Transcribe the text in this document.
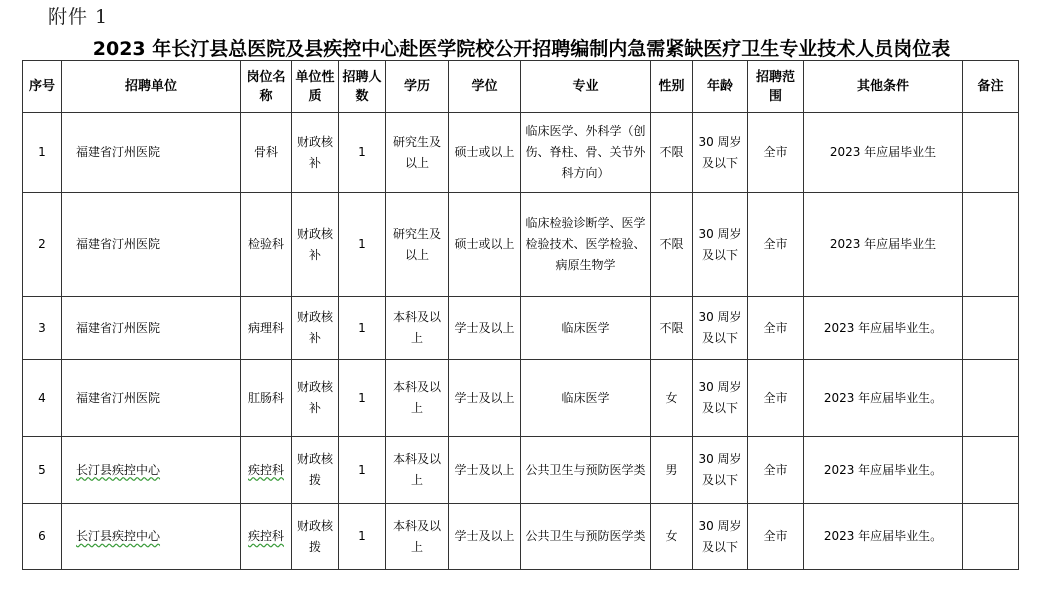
附件 1
2023 年长汀县总医院及县疾控中心赴医学院校公开招聘编制内急需紧缺医疗卫生专业技术人员岗位表
序号	招聘单位	岗位名称	单位性质	招聘人数	学历	学位	专业	性别	年龄	招聘范围	其他条件	备注
1	福建省汀州医院	骨科	财政核补	1	研究生及以上	硕士或以上	临床医学、外科学（创伤、脊柱、骨、关节外科方向）	不限	30 周岁及以下	全市	2023 年应届毕业生	
2	福建省汀州医院	检验科	财政核补	1	研究生及以上	硕士或以上	临床检验诊断学、医学检验技术、医学检验、病原生物学	不限	30 周岁及以下	全市	2023 年应届毕业生	
3	福建省汀州医院	病理科	财政核补	1	本科及以上	学士及以上	临床医学	不限	30 周岁及以下	全市	2023 年应届毕业生。	
4	福建省汀州医院	肛肠科	财政核补	1	本科及以上	学士及以上	临床医学	女	30 周岁及以下	全市	2023 年应届毕业生。	
5	长汀县疾控中心	疾控科	财政核拨	1	本科及以上	学士及以上	公共卫生与预防医学类	男	30 周岁及以下	全市	2023 年应届毕业生。	
6	长汀县疾控中心	疾控科	财政核拨	1	本科及以上	学士及以上	公共卫生与预防医学类	女	30 周岁及以下	全市	2023 年应届毕业生。	
